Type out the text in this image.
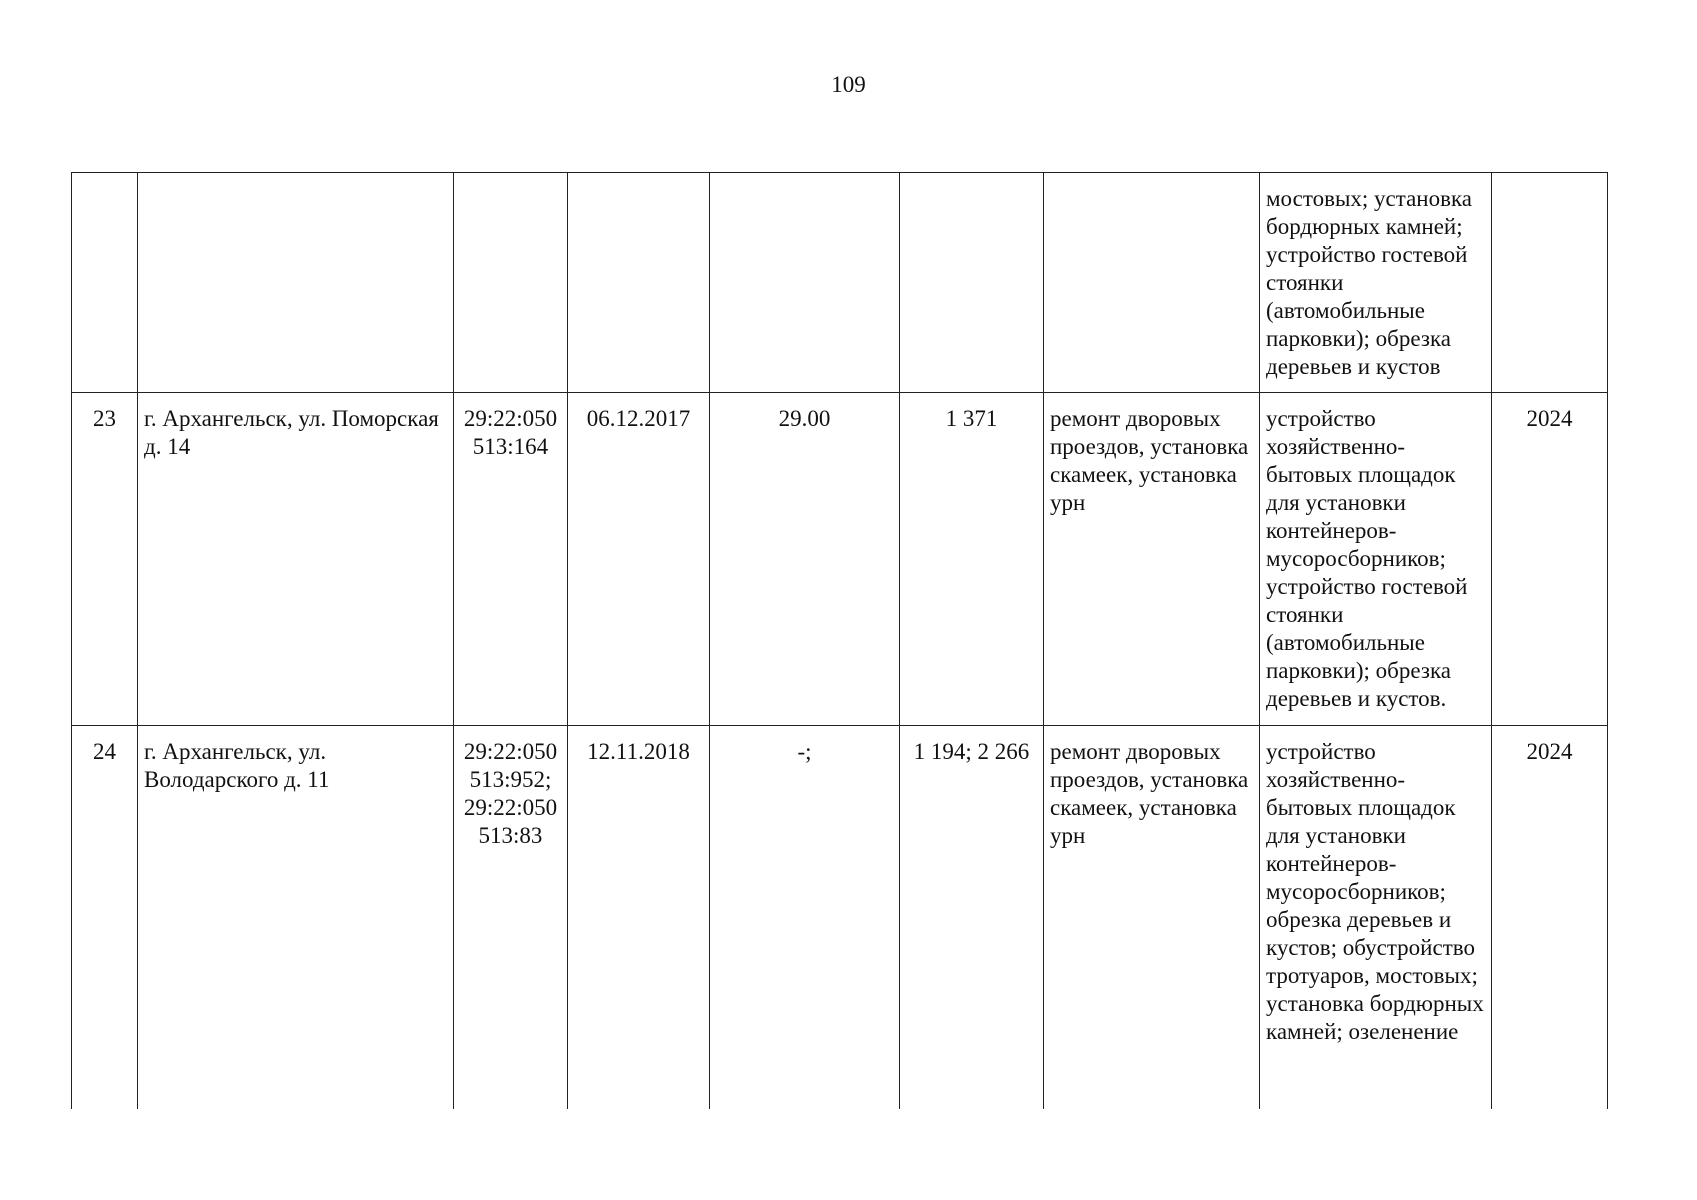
109
							мостовых; установка бордюрных камней; устройство гостевой стоянки (автомобильные парковки); обрезка деревьев и кустов	
23	г. Архангельск, ул. Поморская д. 14	29:22:050 513:164	06.12.2017	29.00	1 371	ремонт дворовых проездов, установка скамеек, установка урн	устройство хозяйственно-бытовых площадок для установки контейнеров-мусоросборников; устройство гостевой стоянки (автомобильные парковки); обрезка деревьев и кустов.	2024
24	г. Архангельск, ул. Володарского д. 11	29:22:050 513:952; 29:22:050 513:83	12.11.2018	-;	1 194; 2 266	ремонт дворовых проездов, установка скамеек, установка урн	устройство хозяйственно-бытовых площадок для установки контейнеров-мусоросборников; обрезка деревьев и кустов; обустройство тротуаров, мостовых; установка бордюрных камней; озеленение	2024
